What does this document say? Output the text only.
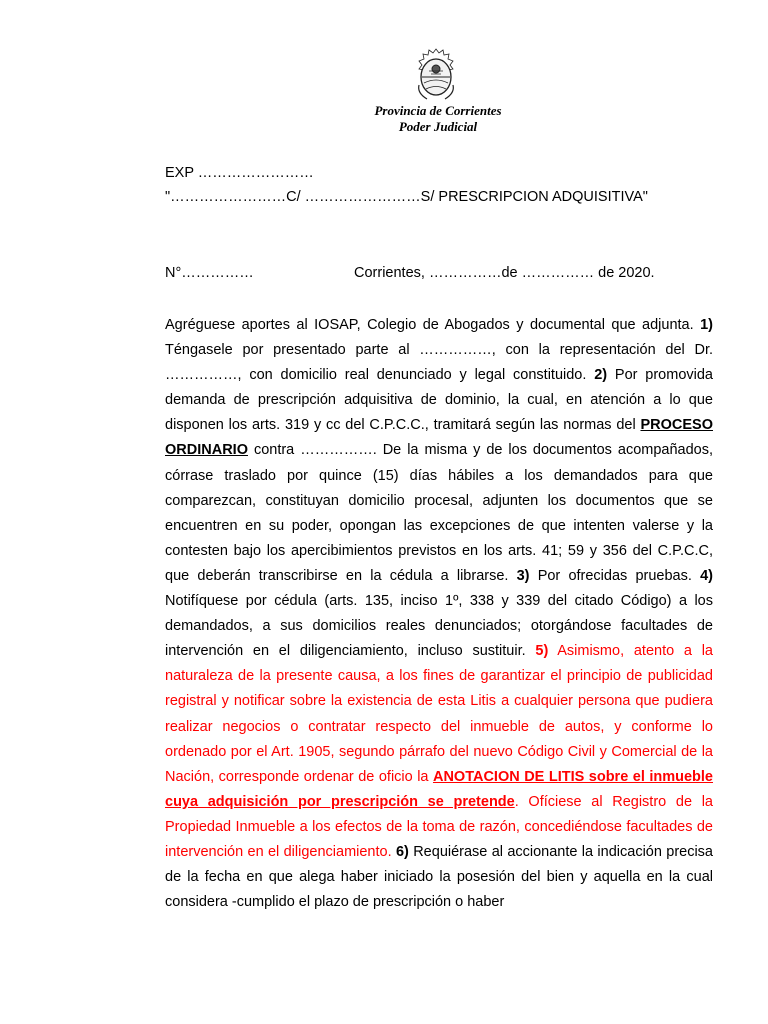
Provincia de Corrientes
Poder Judicial
EXP ……………………
"……………………C/ ……………………S/ PRESCRIPCION ADQUISITIVA"
N°……………	Corrientes, ……………de …………… de 2020.
Agréguese aportes al IOSAP, Colegio de Abogados y documental que adjunta. 1) Téngasele por presentado parte al ……………, con la representación del Dr. ……………, con domicilio real denunciado y legal constituido. 2) Por promovida demanda de prescripción adquisitiva de dominio, la cual, en atención a lo que disponen los arts. 319 y cc del C.P.C.C., tramitará según las normas del PROCESO ORDINARIO contra ……………. De la misma y de los documentos acompañados, córrase traslado por quince (15) días hábiles a los demandados para que comparezcan, constituyan domicilio procesal, adjunten los documentos que se encuentren en su poder, opongan las excepciones de que intenten valerse y la contesten bajo los apercibimientos previstos en los arts. 41; 59 y 356 del C.P.C.C, que deberán transcribirse en la cédula a librarse. 3) Por ofrecidas pruebas. 4) Notifíquese por cédula (arts. 135, inciso 1º, 338 y 339 del citado Código) a los demandados, a sus domicilios reales denunciados; otorgándose facultades de intervención en el diligenciamiento, incluso sustituir. 5) Asimismo, atento a la naturaleza de la presente causa, a los fines de garantizar el principio de publicidad registral y notificar sobre la existencia de esta Litis a cualquier persona que pudiera realizar negocios o contratar respecto del inmueble de autos, y conforme lo ordenado por el Art. 1905, segundo párrafo del nuevo Código Civil y Comercial de la Nación, corresponde ordenar de oficio la ANOTACION DE LITIS sobre el inmueble cuya adquisición por prescripción se pretende. Ofíciese al Registro de la Propiedad Inmueble a los efectos de la toma de razón, concediéndose facultades de intervención en el diligenciamiento. 6) Requiérase al accionante la indicación precisa de la fecha en que alega haber iniciado la posesión del bien y aquella en la cual considera -cumplido el plazo de prescripción o haber
